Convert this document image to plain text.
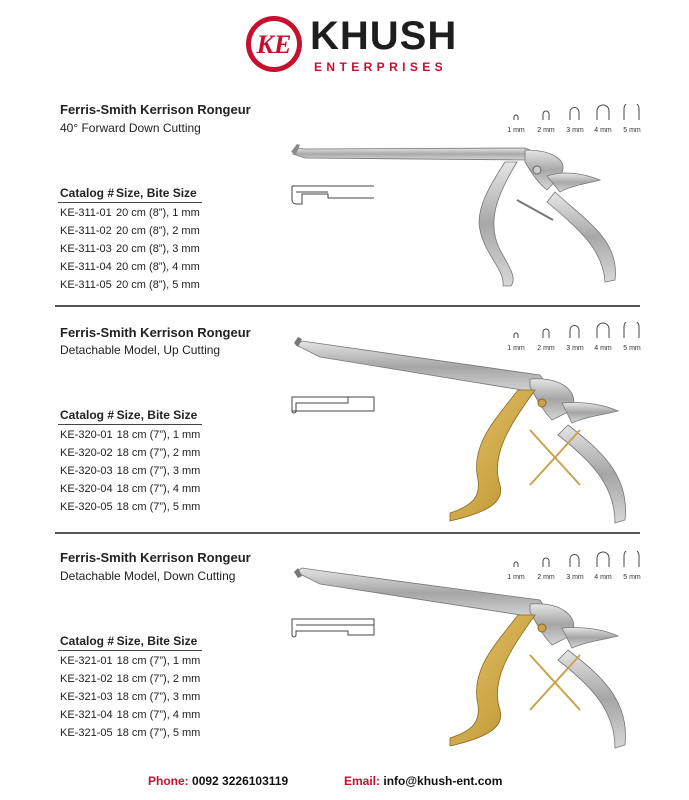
KE KHUSH
ENTERPRISES
Ferris-Smith Kerrison Rongeur
40° Forward Down Cutting	1 mm	2 mm	3 mm	4 mm	5 mm
Catalog #	Size, Bite Size
KE-311-01	20 cm (8”), 1 mm
KE-311-02	20 cm (8”), 2 mm
KE-311-03	20 cm (8”), 3 mm
KE-311-04	20 cm (8”), 4 mm
KE-311-05	20 cm (8”), 5 mm
Ferris-Smith Kerrison Rongeur
Detachable Model, Up Cutting	1 mm	2 mm	3 mm	4 mm	5 mm
Catalog #	Size, Bite Size
KE-320-01	18 cm (7”), 1 mm
KE-320-02	18 cm (7”), 2 mm
KE-320-03	18 cm (7”), 3 mm
KE-320-04	18 cm (7”), 4 mm
KE-320-05	18 cm (7”), 5 mm
Ferris-Smith Kerrison Rongeur
Detachable Model, Down Cutting	1 mm	2 mm	3 mm	4 mm	5 mm
Catalog #	Size, Bite Size
KE-321-01	18 cm (7”), 1 mm
KE-321-02	18 cm (7”), 2 mm
KE-321-03	18 cm (7”), 3 mm
KE-321-04	18 cm (7”), 4 mm
KE-321-05	18 cm (7”), 5 mm
Phone: 0092 3226103119	Email: info@khush-ent.com
